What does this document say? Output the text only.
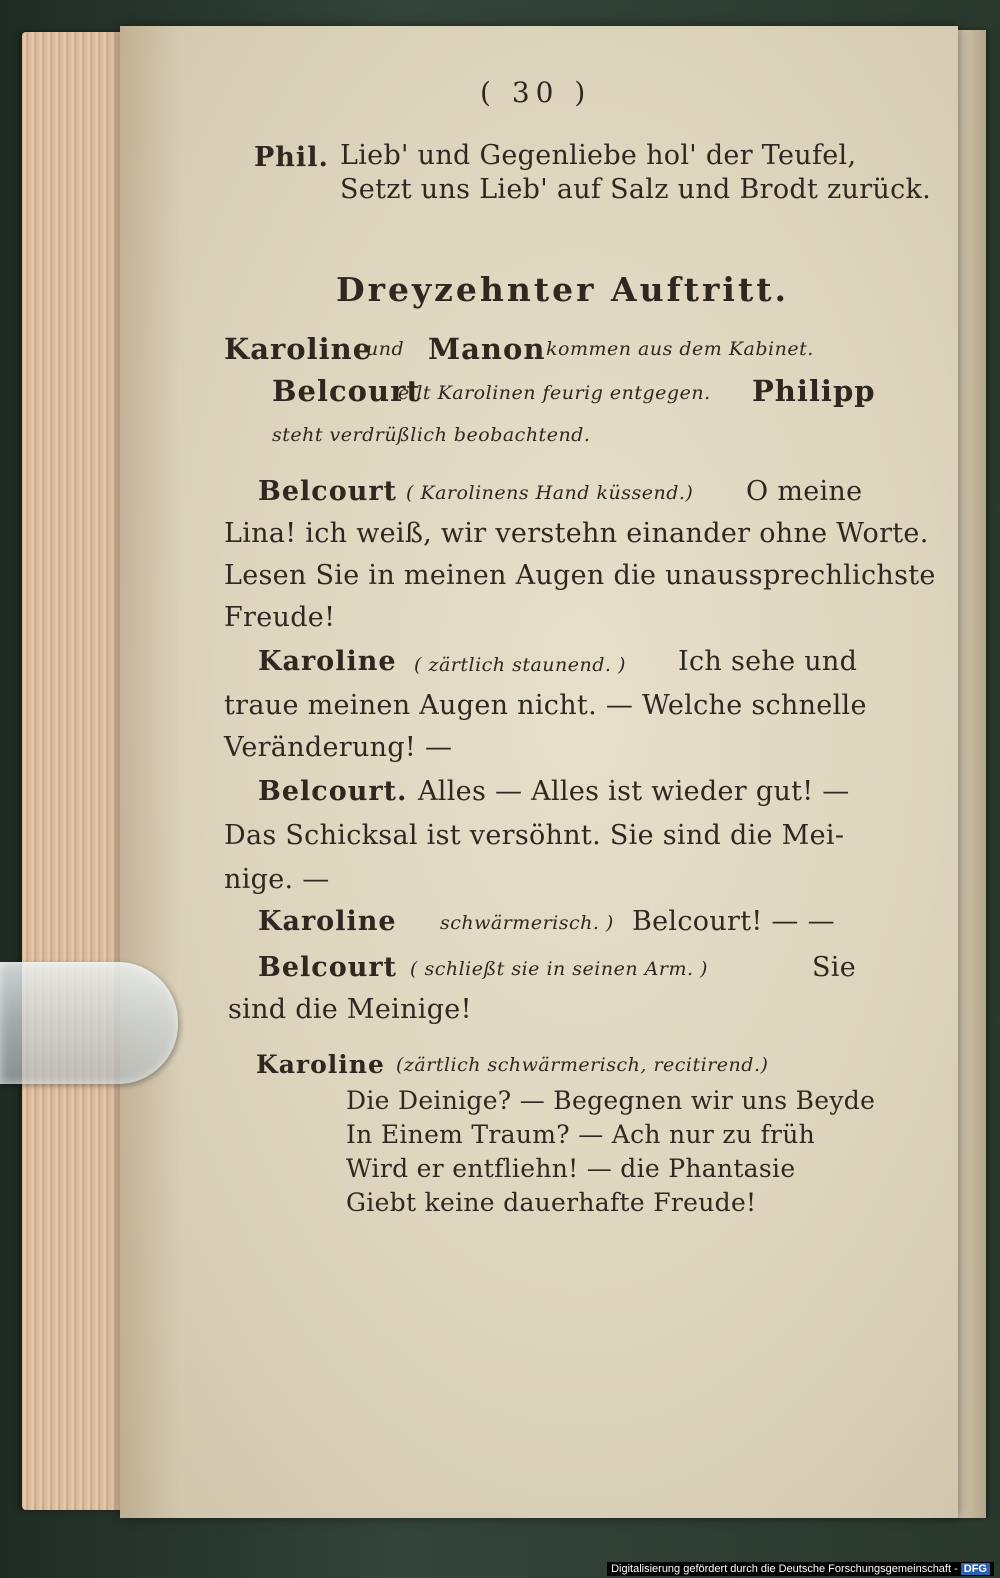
( 30 )
Phil. Lieb' und Gegenliebe hol' der Teufel,
Setzt uns Lieb' auf Salz und Brodt zurück.
Dreyzehnter Auftritt.
Karoline
und Manon kommen aus dem Kabinet.
Belcourt
eilt Karolinen feurig entgegen. Philipp
steht verdrüßlich beobachtend.
Belcourt ( Karolinens Hand küssend.) O meine
Lina! ich weiß, wir verstehn einander ohne Worte.
Lesen Sie in meinen Augen die unaussprechlichste
Freude!
Karoline ( zärtlich staunend. ) Ich sehe und
traue meinen Augen nicht. — Welche schnelle
Veränderung! —
Belcourt. Alles — Alles ist wieder gut! —
Das Schicksal ist versöhnt. Sie sind die Mei-
nige. —
Karoline schwärmerisch. ) Belcourt! — —
Belcourt ( schließt sie in seinen Arm. )	Sie
sind die Meinige!
Karoline (zärtlich schwärmerisch, recitirend.)
Die Deinige? — Begegnen wir uns Beyde
In Einem Traum? — Ach nur zu früh
Wird er entfliehn! — die Phantasie
Giebt keine dauerhafte Freude!
Digitalisierung gefördert durch die Deutsche Forschungsgemeinschaft - DFG
